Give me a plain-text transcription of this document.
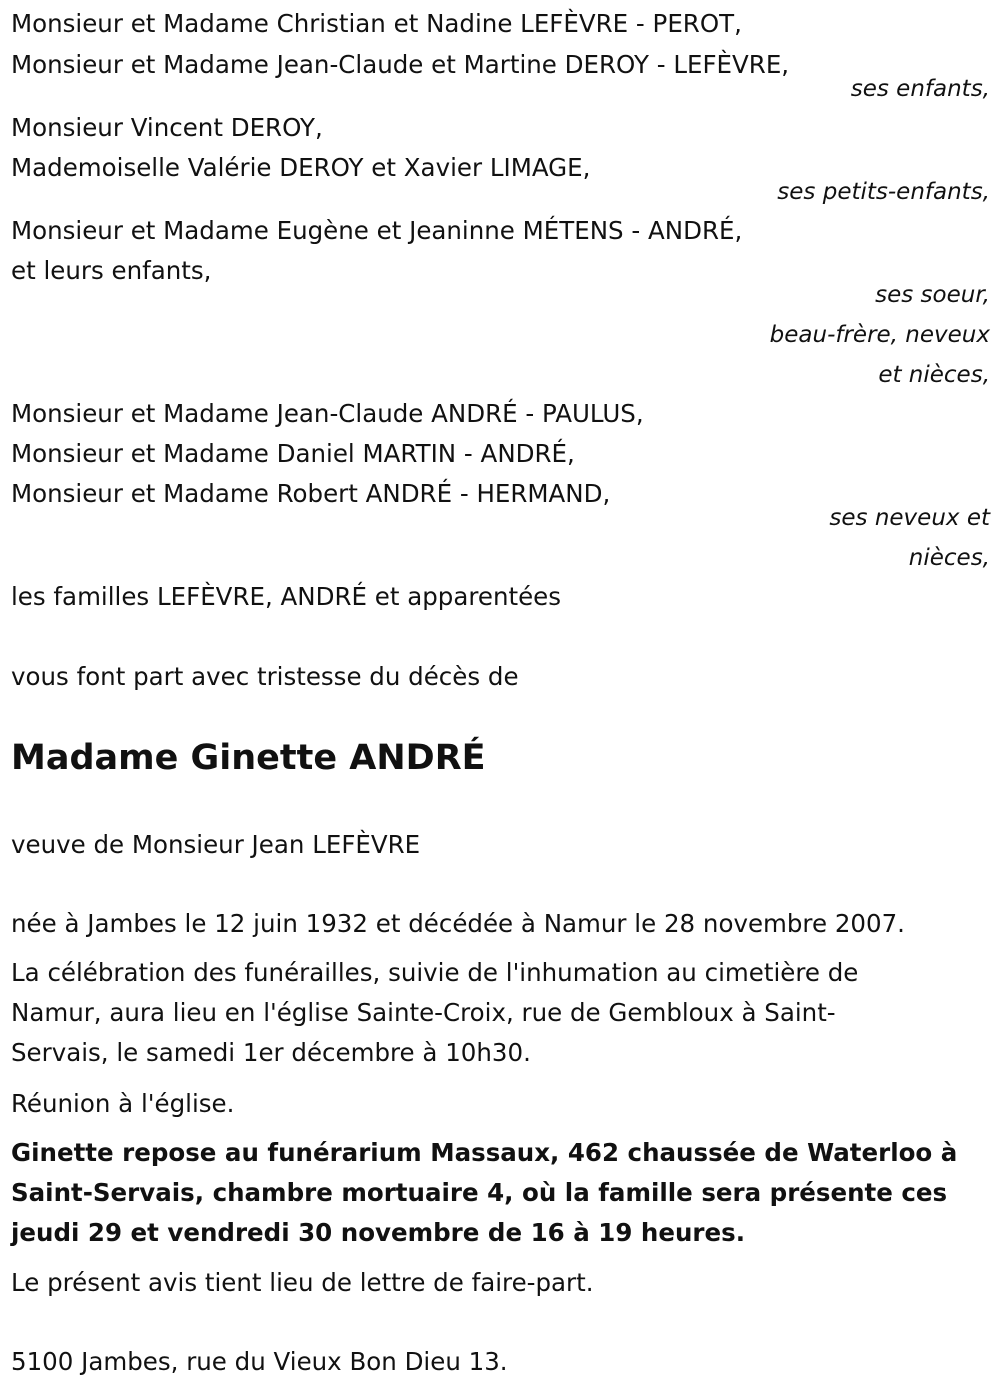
Monsieur et Madame Christian et Nadine LEFÈVRE - PEROT,
Monsieur et Madame Jean-Claude et Martine DEROY - LEFÈVRE,
ses enfants,
Monsieur Vincent DEROY,
Mademoiselle Valérie DEROY et Xavier LIMAGE,
ses petits-enfants,
Monsieur et Madame Eugène et Jeaninne MÉTENS - ANDRÉ,
et leurs enfants,
ses soeur,
beau-frère, neveux
et nièces,
Monsieur et Madame Jean-Claude ANDRÉ - PAULUS,
Monsieur et Madame Daniel MARTIN - ANDRÉ,
Monsieur et Madame Robert ANDRÉ - HERMAND,
ses neveux et
nièces,
les familles LEFÈVRE, ANDRÉ et apparentées
vous font part avec tristesse du décès de
Madame Ginette ANDRÉ
veuve de Monsieur Jean LEFÈVRE
née à Jambes le 12 juin 1932 et décédée à Namur le 28 novembre 2007.
La célébration des funérailles, suivie de l'inhumation au cimetière de
Namur, aura lieu en l'église Sainte-Croix, rue de Gembloux à Saint-
Servais, le samedi 1er décembre à 10h30.
Réunion à l'église.
Ginette repose au funérarium Massaux, 462 chaussée de Waterloo à
Saint-Servais, chambre mortuaire 4, où la famille sera présente ces
jeudi 29 et vendredi 30 novembre de 16 à 19 heures.
Le présent avis tient lieu de lettre de faire-part.
5100 Jambes, rue du Vieux Bon Dieu 13.
